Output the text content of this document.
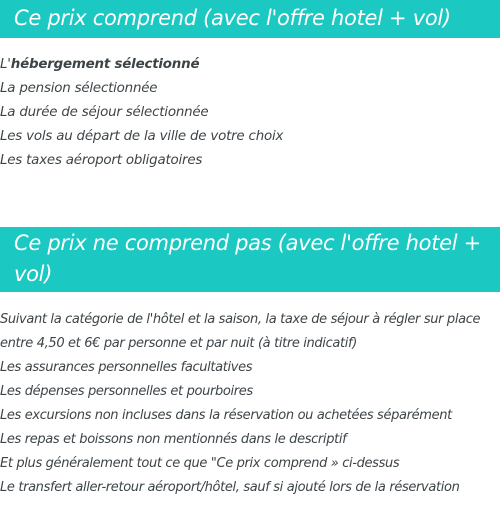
Ce prix comprend (avec l'offre hotel + vol)
L'hébergement sélectionné
La pension sélectionnée
La durée de séjour sélectionnée
Les vols au départ de la ville de votre choix
Les taxes aéroport obligatoires
Ce prix ne comprend pas (avec l'offre hotel + vol)
Suivant la catégorie de l'hôtel et la saison, la taxe de séjour à régler sur place
entre 4,50 et 6€ par personne et par nuit (à titre indicatif)
Les assurances personnelles facultatives
Les dépenses personnelles et pourboires
Les excursions non incluses dans la réservation ou achetées séparément
Les repas et boissons non mentionnés dans le descriptif
Et plus généralement tout ce que "Ce prix comprend » ci-dessus
Le transfert aller-retour aéroport/hôtel, sauf si ajouté lors de la réservation
